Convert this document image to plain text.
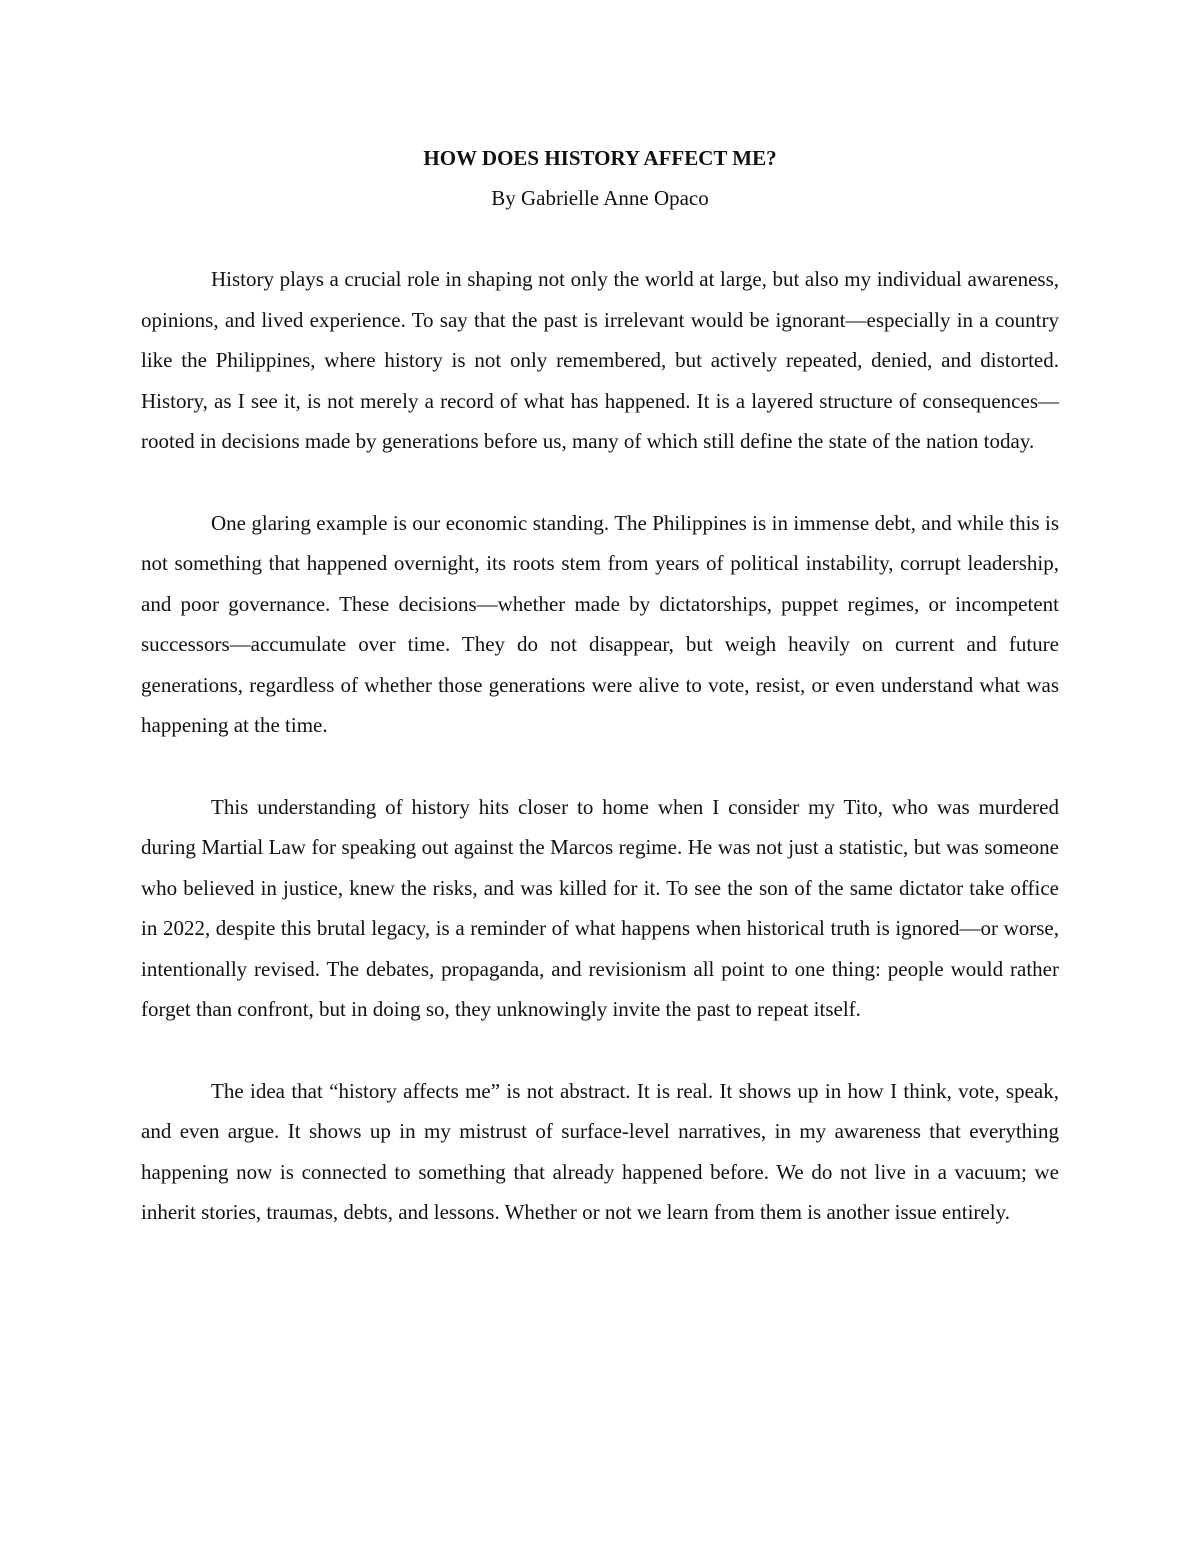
HOW DOES HISTORY AFFECT ME?
By Gabrielle Anne Opaco

History plays a crucial role in shaping not only the world at large, but also my individual awareness, opinions, and lived experience. To say that the past is irrelevant would be ignorant—especially in a country like the Philippines, where history is not only remembered, but actively repeated, denied, and distorted. History, as I see it, is not merely a record of what has happened. It is a layered structure of consequences—rooted in decisions made by generations before us, many of which still define the state of the nation today.

One glaring example is our economic standing. The Philippines is in immense debt, and while this is not something that happened overnight, its roots stem from years of political instability, corrupt leadership, and poor governance. These decisions—whether made by dictatorships, puppet regimes, or incompetent successors—accumulate over time. They do not disappear, but weigh heavily on current and future generations, regardless of whether those generations were alive to vote, resist, or even understand what was happening at the time.

This understanding of history hits closer to home when I consider my Tito, who was murdered during Martial Law for speaking out against the Marcos regime. He was not just a statistic, but was someone who believed in justice, knew the risks, and was killed for it. To see the son of the same dictator take office in 2022, despite this brutal legacy, is a reminder of what happens when historical truth is ignored—or worse, intentionally revised. The debates, propaganda, and revisionism all point to one thing: people would rather forget than confront, but in doing so, they unknowingly invite the past to repeat itself.

The idea that “history affects me” is not abstract. It is real. It shows up in how I think, vote, speak, and even argue. It shows up in my mistrust of surface-level narratives, in my awareness that everything happening now is connected to something that already happened before. We do not live in a vacuum; we inherit stories, traumas, debts, and lessons. Whether or not we learn from them is another issue entirely.
